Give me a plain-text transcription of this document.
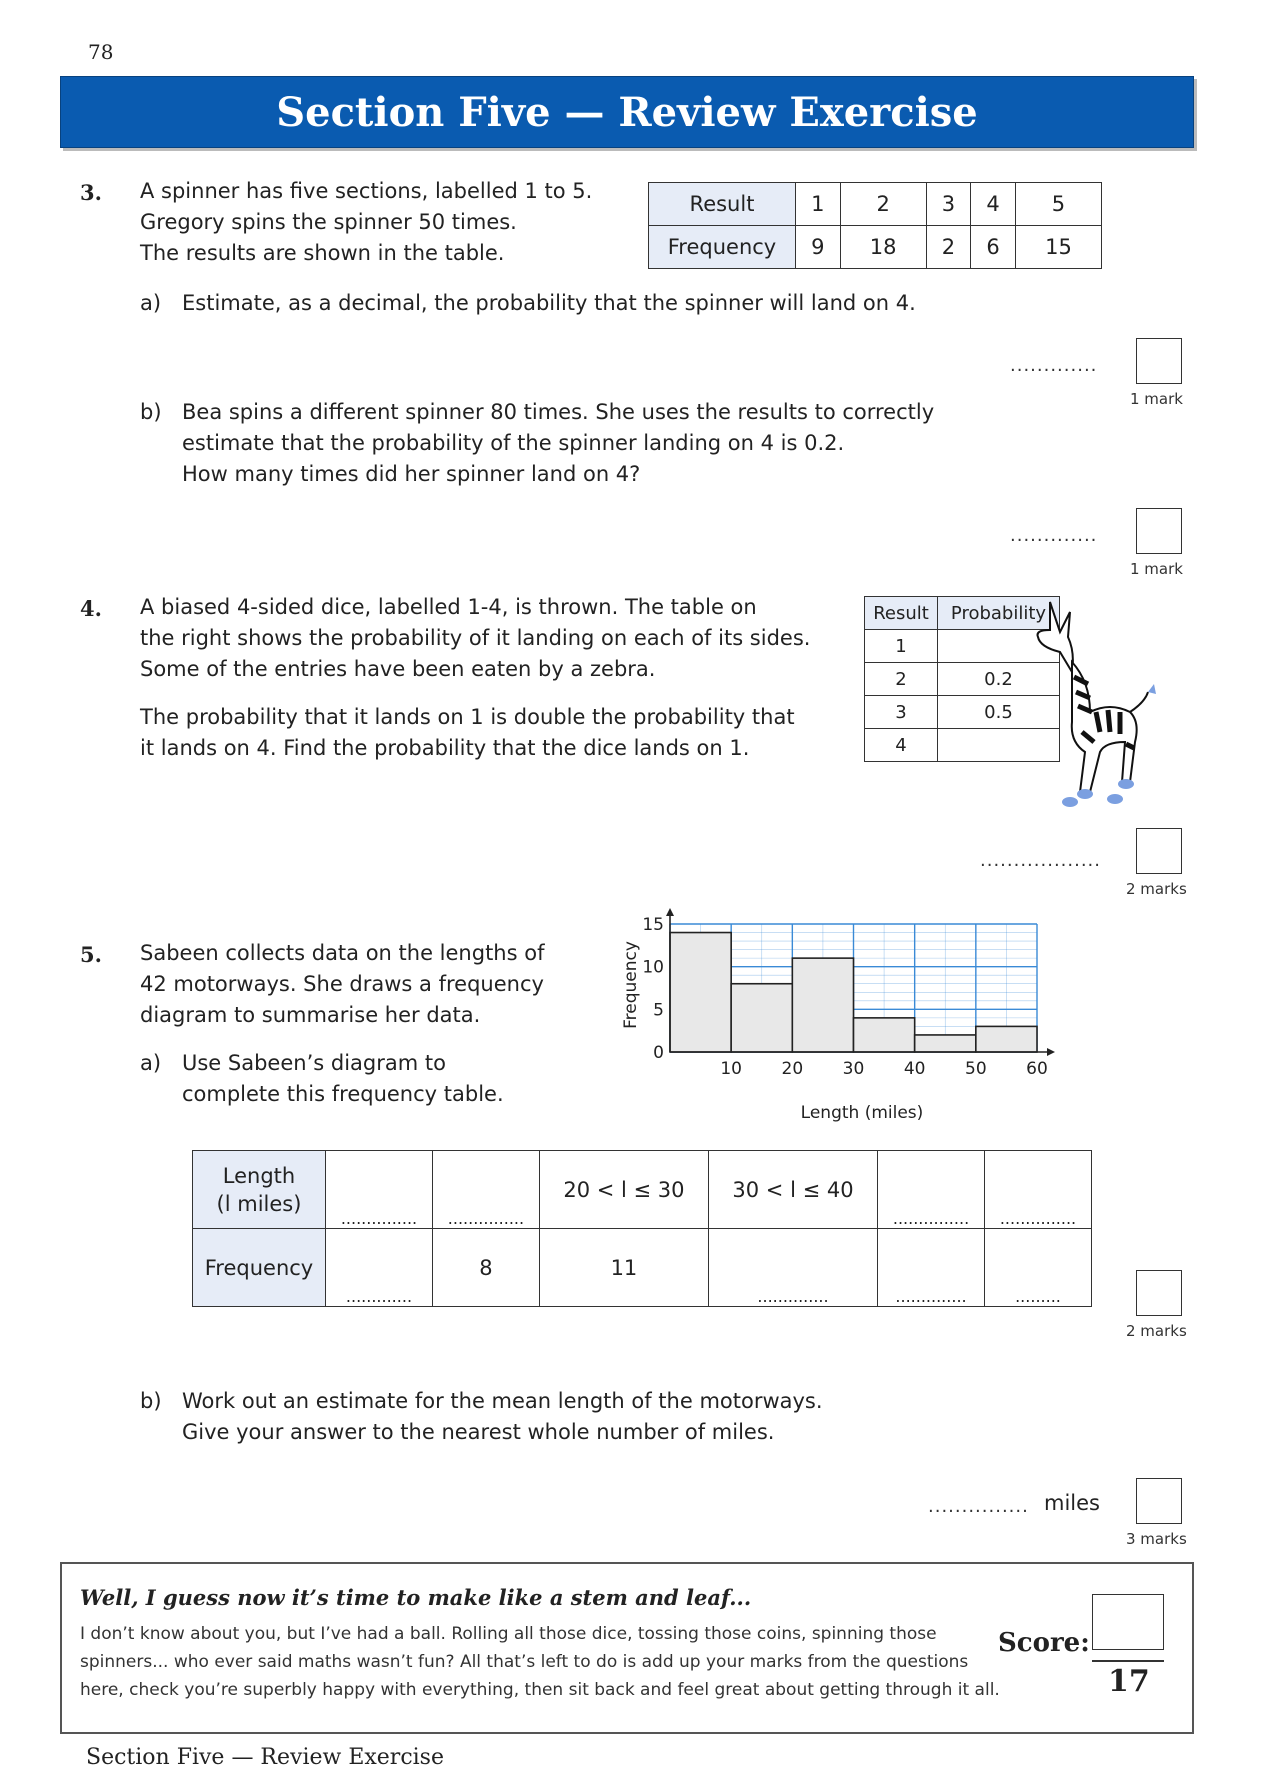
78
Section Five — Review Exercise
3. A spinner has five sections, labelled 1 to 5.
Gregory spins the spinner 50 times.
The results are shown in the table.
Result	1	2	3	4	5
Frequency	9	18	2	6	15
a) Estimate, as a decimal, the probability that the spinner will land on 4.
.............
1 mark
b) Bea spins a different spinner 80 times. She uses the results to correctly
estimate that the probability of the spinner landing on 4 is 0.2.
How many times did her spinner land on 4?
.............
1 mark
4. A biased 4-sided dice, labelled 1-4, is thrown. The table on
the right shows the probability of it landing on each of its sides.
Some of the entries have been eaten by a zebra.
The probability that it lands on 1 is double the probability that
it lands on 4. Find the probability that the dice lands on 1.
Result	Probability
1	
2	0.2
3	0.5
4	
..................
2 marks
5. Sabeen collects data on the lengths of
42 motorways. She draws a frequency
diagram to summarise her data.
a) Use Sabeen’s diagram to
complete this frequency table.
Frequency
Length (miles)
10 20 30 40 50 60
0
5
10
15
Length
(l miles)	...............	...............	20 < l ≤ 30	30 < l ≤ 40	...............	...............
Frequency	.............	8	11	..............	..............	.........
2 marks
b) Work out an estimate for the mean length of the motorways.
Give your answer to the nearest whole number of miles.
............... miles
3 marks
Well, I guess now it’s time to make like a stem and leaf...
I don’t know about you, but I’ve had a ball. Rolling all those dice, tossing those coins, spinning those
spinners... who ever said maths wasn’t fun? All that’s left to do is add up your marks from the questions
here, check you’re superbly happy with everything, then sit back and feel great about getting through it all.
Score:
17
Section Five — Review Exercise
